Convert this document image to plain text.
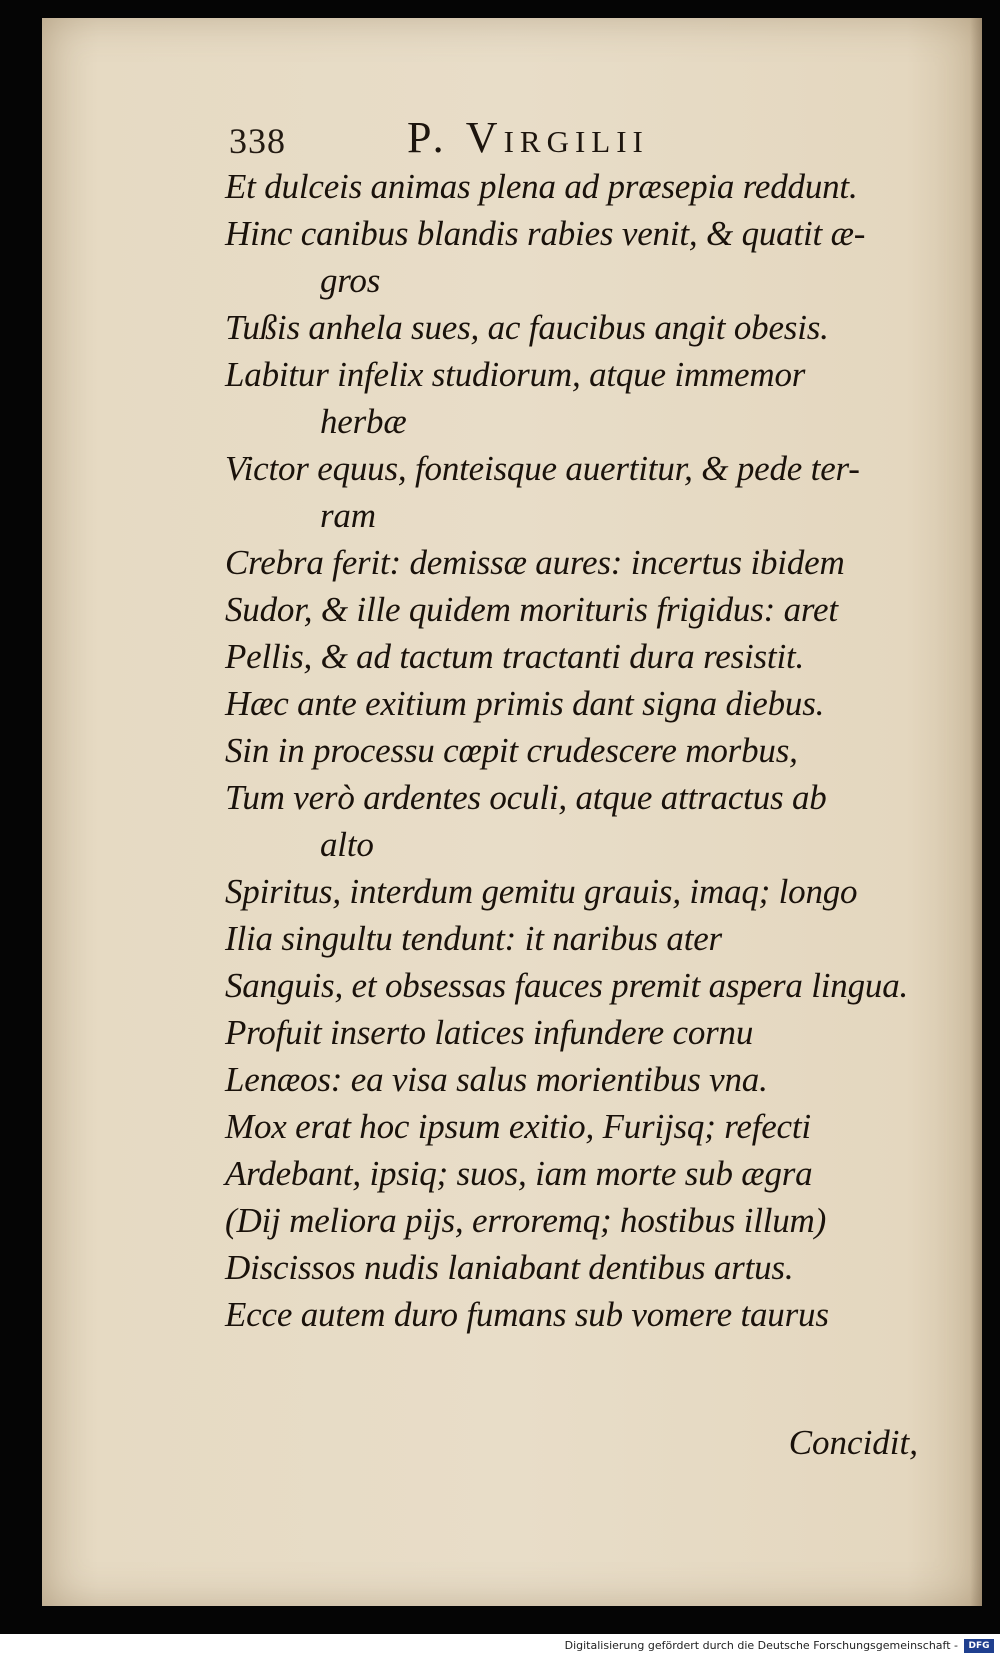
338	P. Virgilii
Et dulceis animas plena ad præsepia reddunt.
Hinc canibus blandis rabies venit, & quatit æ-
gros
Tußis anhela sues, ac faucibus angit obesis.
Labitur infelix studiorum, atque immemor
herbæ
Victor equus, fonteisque auertitur, & pede ter-
ram
Crebra ferit: demissæ aures: incertus ibidem
Sudor, & ille quidem morituris frigidus: aret
Pellis, & ad tactum tractanti dura resistit.
Hæc ante exitium primis dant signa diebus.
Sin in processu cœpit crudescere morbus,
Tum verò ardentes oculi, atque attractus ab
alto
Spiritus, interdum gemitu grauis, imaq; longo
Ilia singultu tendunt: it naribus ater
Sanguis, et obsessas fauces premit aspera lingua.
Profuit inserto latices infundere cornu
Lenæos: ea visa salus morientibus vna.
Mox erat hoc ipsum exitio, Furijsq; refecti
Ardebant, ipsiq; suos, iam morte sub ægra
(Dij meliora pijs, erroremq; hostibus illum)
Discissos nudis laniabant dentibus artus.
Ecce autem duro fumans sub vomere taurus
Concidit,
Digitalisierung gefördert durch die Deutsche Forschungsgemeinschaft -	DFG
